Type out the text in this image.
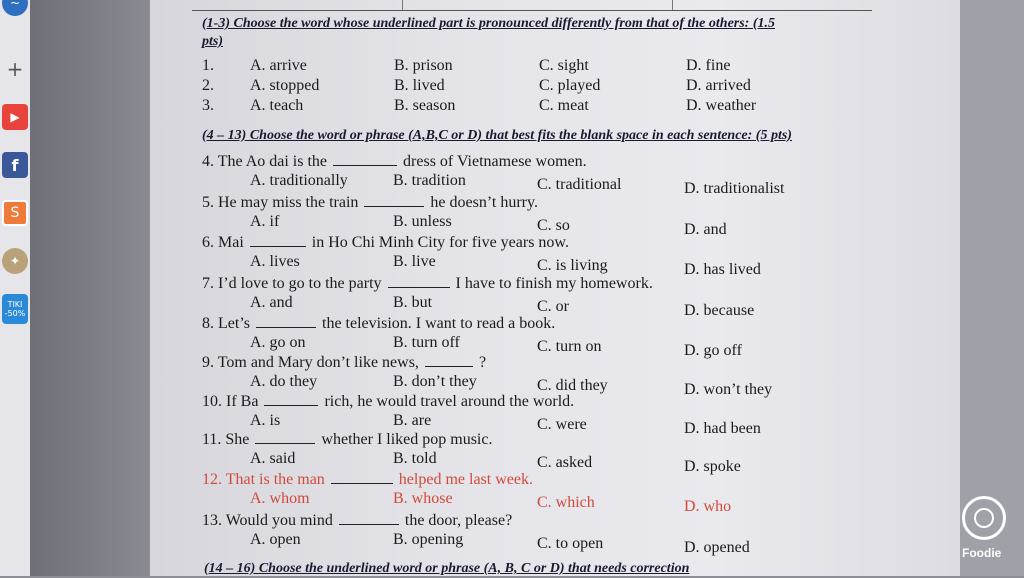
~
+
▶
f
S
✦
TIKI
-50%
(1-3) Choose the word whose underlined part is pronounced differently from that of the others: (1.5
pts)
1. A. arrive	B. prison	C. sight	D. fine
2. A. stopped	B. lived	C. played	D. arrived
3. A. teach	B. season	C. meat	D. weather
(4 – 13) Choose the word or phrase (A,B,C or D) that best fits the blank space in each sentence: (5 pts)
4. The Ao dai is the	dress of Vietnamese women.
A. traditionally	B. tradition	C. traditional	D. traditionalist
5. He may miss the train	he doesn’t hurry.
A. if	B. unless	C. so	D. and
6. Mai	in Ho Chi Minh City for five years now.
A. lives	B. live	C. is living	D. has lived
7. I’d love to go to the party	I have to finish my homework.
A. and	B. but	C. or	D. because
8. Let’s	the television. I want to read a book.
A. go on	B. turn off	C. turn on	D. go off
9. Tom and Mary don’t like news,	?
A. do they	B. don’t they	C. did they	D. won’t they
10. If Ba	rich, he would travel around the world.
A. is	B. are	C. were	D. had been
11. She	whether I liked pop music.
A. said	B. told	C. asked	D. spoke
12. That is the man	helped me last week.
A. whom	B. whose	C. which	D. who
13. Would you mind	the door, please?
A. open	B. opening	C. to open	D. opened
(14 – 16) Choose the underlined word or phrase (A, B, C or D) that needs correction
Foodie
